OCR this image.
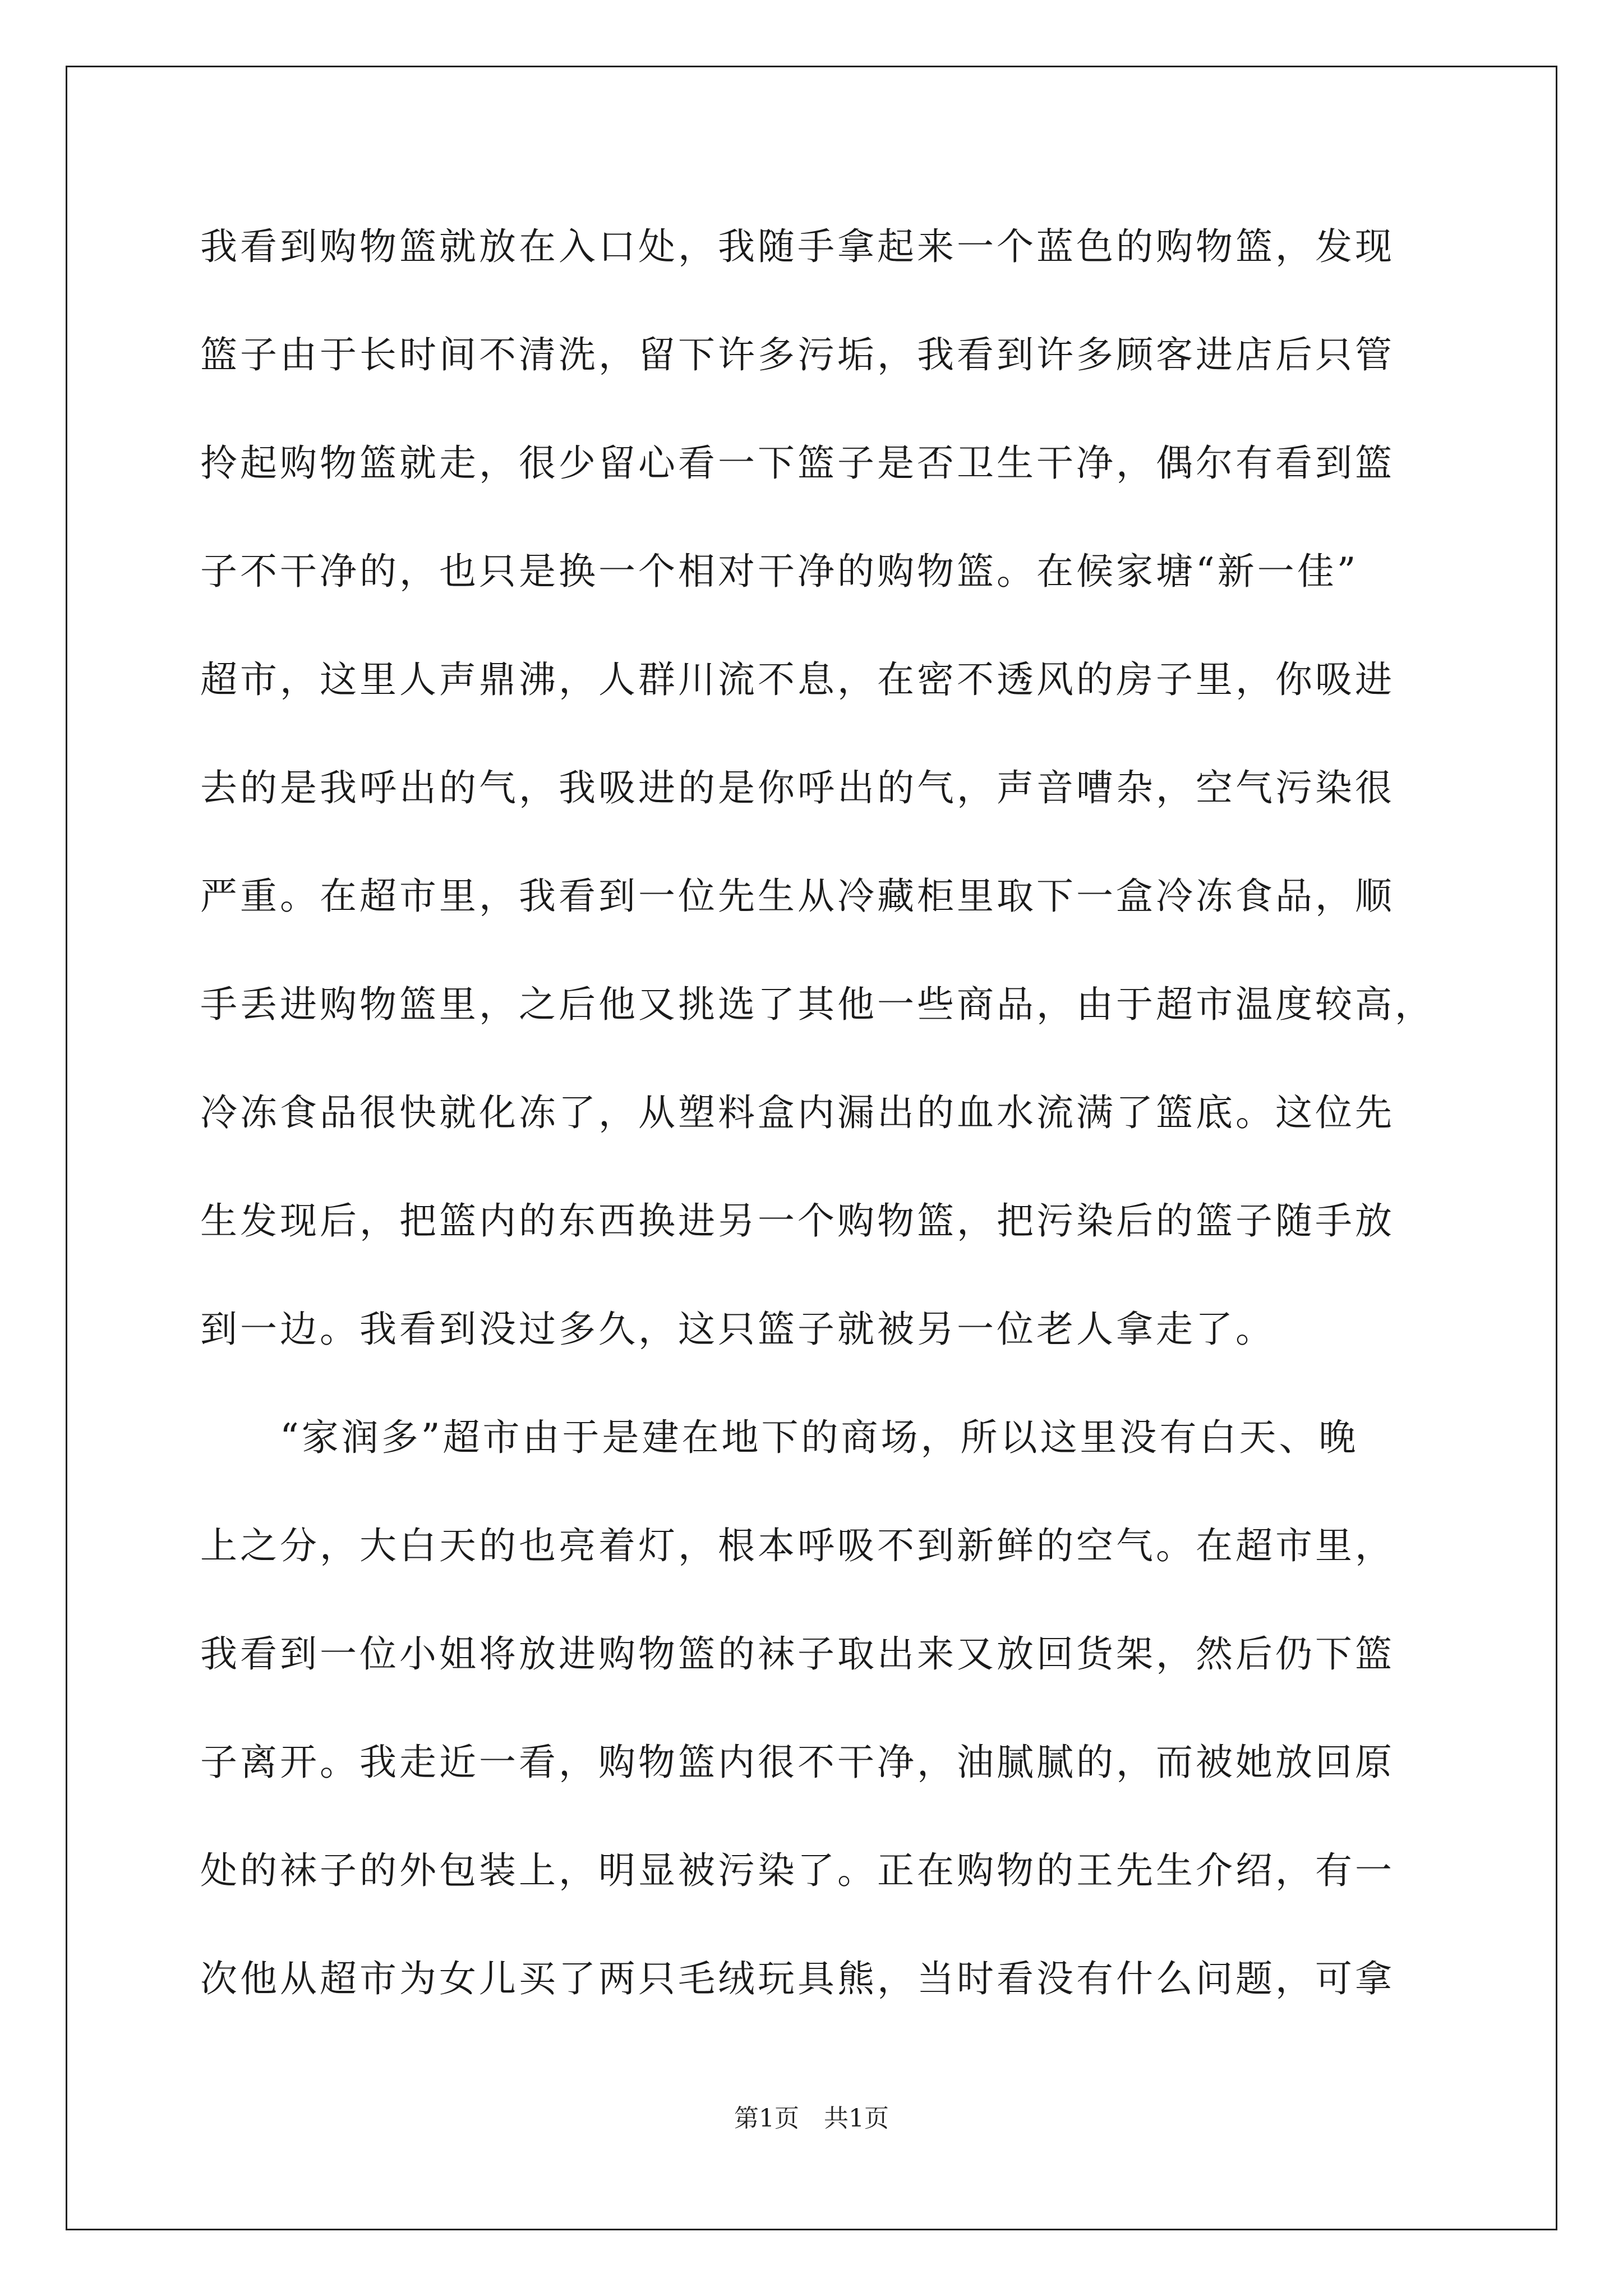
我看到购物篮就放在入口处，我随手拿起来一个蓝色的购物篮，发现
篮子由于长时间不清洗，留下许多污垢，我看到许多顾客进店后只管
拎起购物篮就走，很少留心看一下篮子是否卫生干净，偶尔有看到篮
子不干净的，也只是换一个相对干净的购物篮。在候家塘“新一佳”
超市，这里人声鼎沸，人群川流不息，在密不透风的房子里，你吸进
去的是我呼出的气，我吸进的是你呼出的气，声音嘈杂，空气污染很
严重。在超市里，我看到一位先生从冷藏柜里取下一盒冷冻食品，顺
手丢进购物篮里，之后他又挑选了其他一些商品，由于超市温度较高，
冷冻食品很快就化冻了，从塑料盒内漏出的血水流满了篮底。这位先
生发现后，把篮内的东西换进另一个购物篮，把污染后的篮子随手放
到一边。我看到没过多久，这只篮子就被另一位老人拿走了。
　　“家润多”超市由于是建在地下的商场，所以这里没有白天、晚
上之分，大白天的也亮着灯，根本呼吸不到新鲜的空气。在超市里，
我看到一位小姐将放进购物篮的袜子取出来又放回货架，然后仍下篮
子离开。我走近一看，购物篮内很不干净，油腻腻的，而被她放回原
处的袜子的外包装上，明显被污染了。正在购物的王先生介绍，有一
次他从超市为女儿买了两只毛绒玩具熊，当时看没有什么问题，可拿
第1页 共1页
